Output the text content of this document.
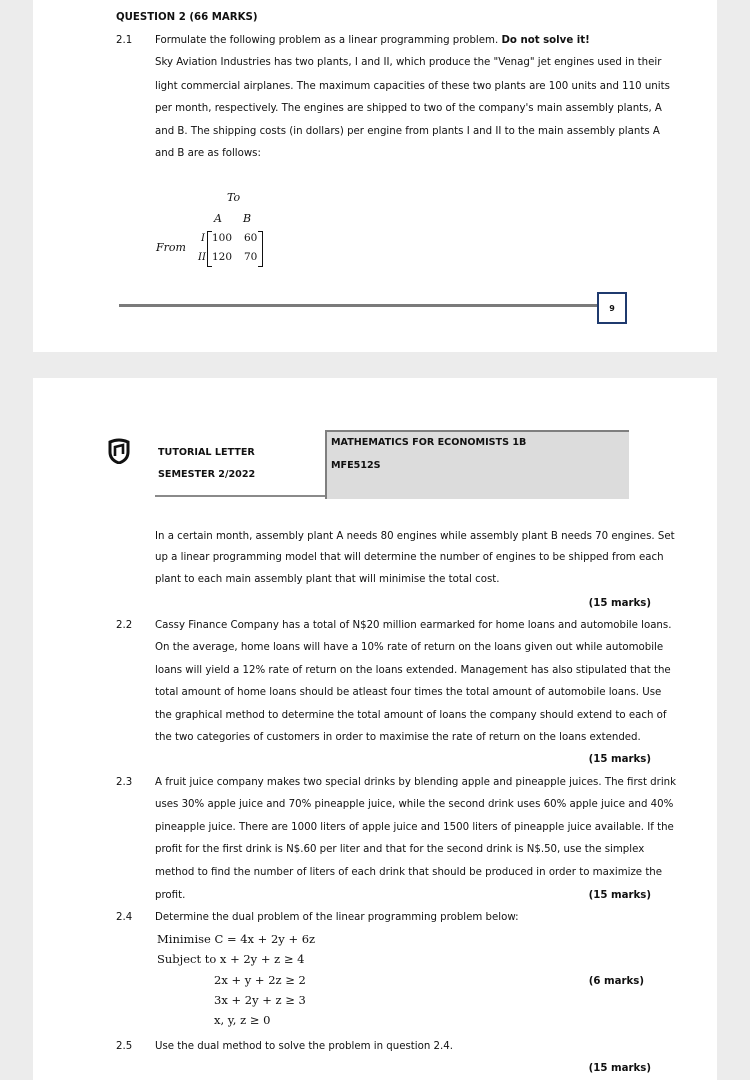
QUESTION 2 (66 MARKS)
2.1 Formulate the following problem as a linear programming problem. Do not solve it!
Sky Aviation Industries has two plants, I and II, which produce the "Venag" jet engines used in their
light commercial airplanes. The maximum capacities of these two plants are 100 units and 110 units
per month, respectively. The engines are shipped to two of the company's main assembly plants, A
and B. The shipping costs (in dollars) per engine from plants I and II to the main assembly plants A
and B are as follows:
To
A B
From
I
II
100 60
120 70
9
TUTORIAL LETTER
SEMESTER 2/2022
MATHEMATICS FOR ECONOMISTS 1B
MFE512S
In a certain month, assembly plant A needs 80 engines while assembly plant B needs 70 engines. Set
up a linear programming model that will determine the number of engines to be shipped from each
plant to each main assembly plant that will minimise the total cost.
(15 marks)
2.2 Cassy Finance Company has a total of N$20 million earmarked for home loans and automobile loans.
On the average, home loans will have a 10% rate of return on the loans given out while automobile
loans will yield a 12% rate of return on the loans extended. Management has also stipulated that the
total amount of home loans should be atleast four times the total amount of automobile loans. Use
the graphical method to determine the total amount of loans the company should extend to each of
the two categories of customers in order to maximise the rate of return on the loans extended.
(15 marks)
2.3 A fruit juice company makes two special drinks by blending apple and pineapple juices. The first drink
uses 30% apple juice and 70% pineapple juice, while the second drink uses 60% apple juice and 40%
pineapple juice. There are 1000 liters of apple juice and 1500 liters of pineapple juice available. If the
profit for the first drink is N$.60 per liter and that for the second drink is N$.50, use the simplex
method to find the number of liters of each drink that should be produced in order to maximize the
profit.	(15 marks)
2.4 Determine the dual problem of the linear programming problem below:
Minimise C = 4x + 2y + 6z
Subject to x + 2y + z ≥ 4
2x + y + 2z ≥ 2
3x + 2y + z ≥ 3
x, y, z ≥ 0
(6 marks)
2.5 Use the dual method to solve the problem in question 2.4.
(15 marks)
